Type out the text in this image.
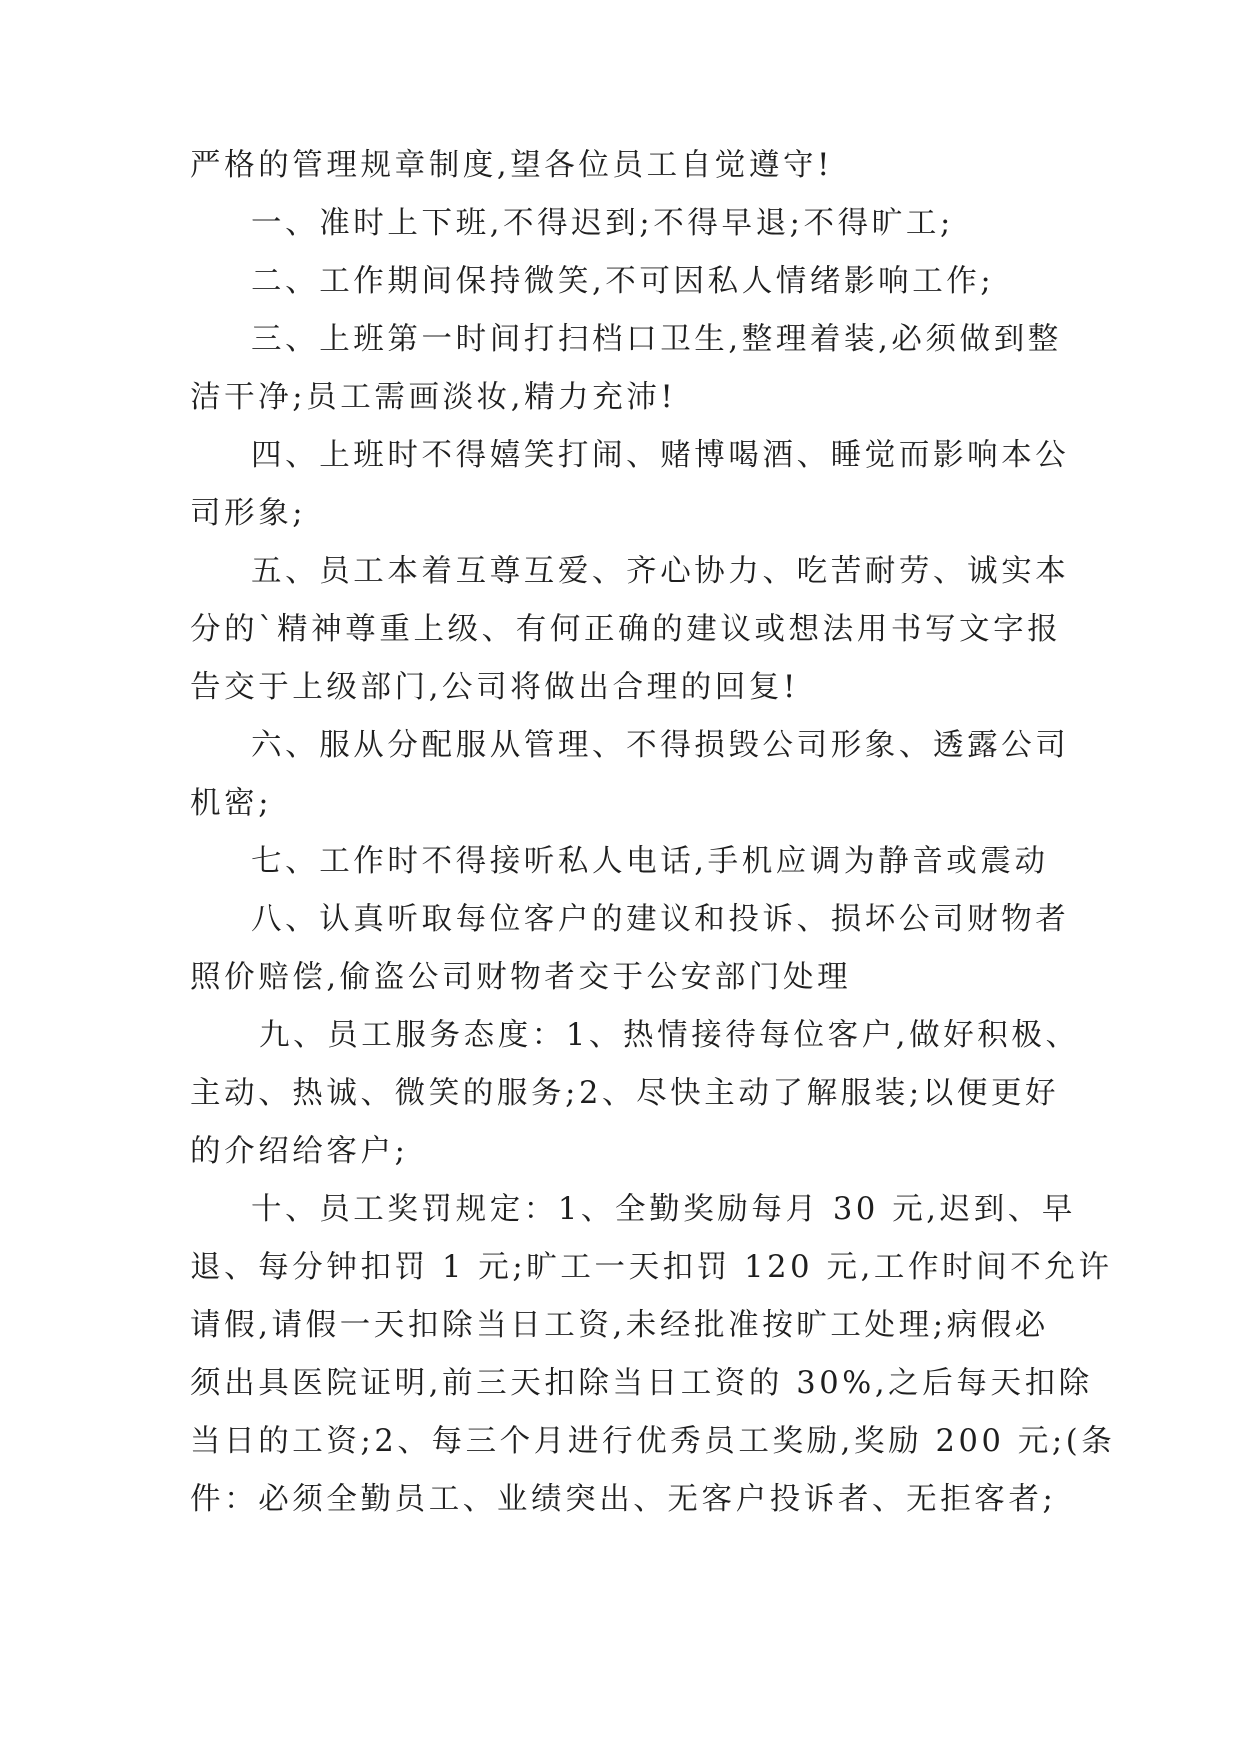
严格的管理规章制度,望各位员工自觉遵守!
一、准时上下班,不得迟到;不得早退;不得旷工;
二、工作期间保持微笑,不可因私人情绪影响工作;
三、上班第一时间打扫档口卫生,整理着装,必须做到整
洁干净;员工需画淡妆,精力充沛!
四、上班时不得嬉笑打闹、赌博喝酒、睡觉而影响本公
司形象;
五、员工本着互尊互爱、齐心协力、吃苦耐劳、诚实本
分的`精神尊重上级、有何正确的建议或想法用书写文字报
告交于上级部门,公司将做出合理的回复!
六、服从分配服从管理、不得损毁公司形象、透露公司
机密;
七、工作时不得接听私人电话,手机应调为静音或震动
八、认真听取每位客户的建议和投诉、损坏公司财物者
照价赔偿,偷盗公司财物者交于公安部门处理
九、员工服务态度：1、热情接待每位客户,做好积极、
主动、热诚、微笑的服务;2、尽快主动了解服装;以便更好
的介绍给客户;
十、员工奖罚规定：1、全勤奖励每月 30 元,迟到、早
退、每分钟扣罚 1 元;旷工一天扣罚 120 元,工作时间不允许
请假,请假一天扣除当日工资,未经批准按旷工处理;病假必
须出具医院证明,前三天扣除当日工资的 30%,之后每天扣除
当日的工资;2、每三个月进行优秀员工奖励,奖励 200 元;(条
件：必须全勤员工、业绩突出、无客户投诉者、无拒客者;
